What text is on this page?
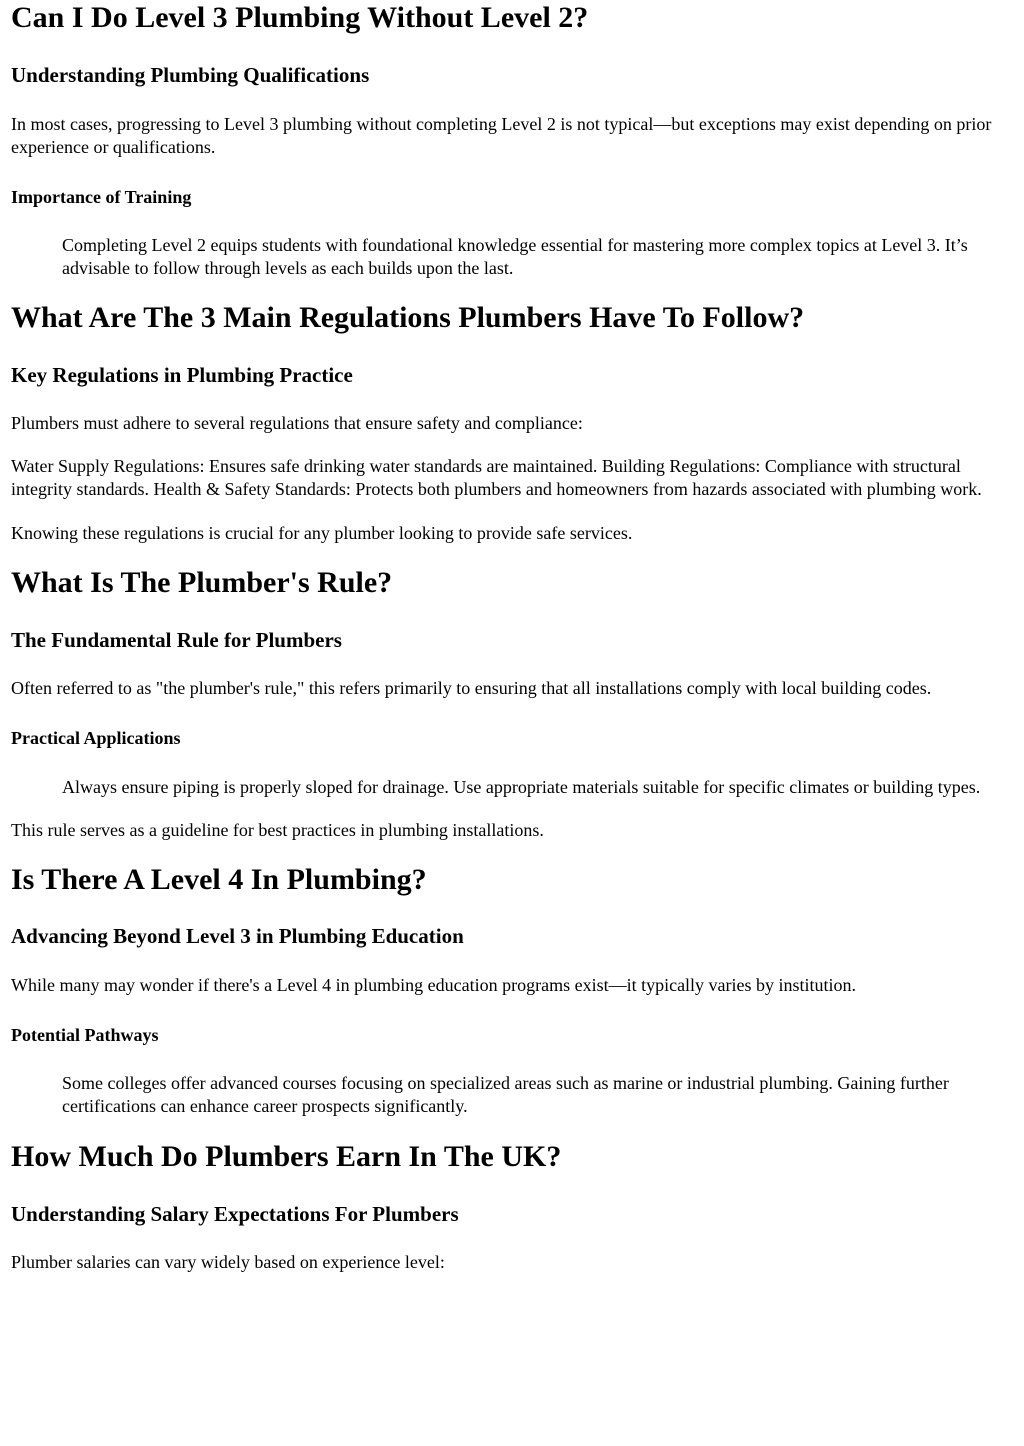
Can I Do Level 3 Plumbing Without Level 2?
Understanding Plumbing Qualifications

In most cases, progressing to Level 3 plumbing without completing Level 2 is not typical—but exceptions may exist depending on prior experience or qualifications.

Importance of Training
Completing Level 2 equips students with foundational knowledge essential for mastering more complex topics at Level 3. It’s advisable to follow through levels as each builds upon the last.
What Are The 3 Main Regulations Plumbers Have To Follow?
Key Regulations in Plumbing Practice

Plumbers must adhere to several regulations that ensure safety and compliance:

Water Supply Regulations: Ensures safe drinking water standards are maintained. Building Regulations: Compliance with structural integrity standards. Health & Safety Standards: Protects both plumbers and homeowners from hazards associated with plumbing work.

Knowing these regulations is crucial for any plumber looking to provide safe services.

What Is The Plumber's Rule?
The Fundamental Rule for Plumbers

Often referred to as "the plumber's rule," this refers primarily to ensuring that all installations comply with local building codes.

Practical Applications
Always ensure piping is properly sloped for drainage. Use appropriate materials suitable for specific climates or building types.

This rule serves as a guideline for best practices in plumbing installations.

Is There A Level 4 In Plumbing?
Advancing Beyond Level 3 in Plumbing Education

While many may wonder if there's a Level 4 in plumbing education programs exist—it typically varies by institution.

Potential Pathways
Some colleges offer advanced courses focusing on specialized areas such as marine or industrial plumbing. Gaining further certifications can enhance career prospects significantly.
How Much Do Plumbers Earn In The UK?
Understanding Salary Expectations For Plumbers

Plumber salaries can vary widely based on experience level:
